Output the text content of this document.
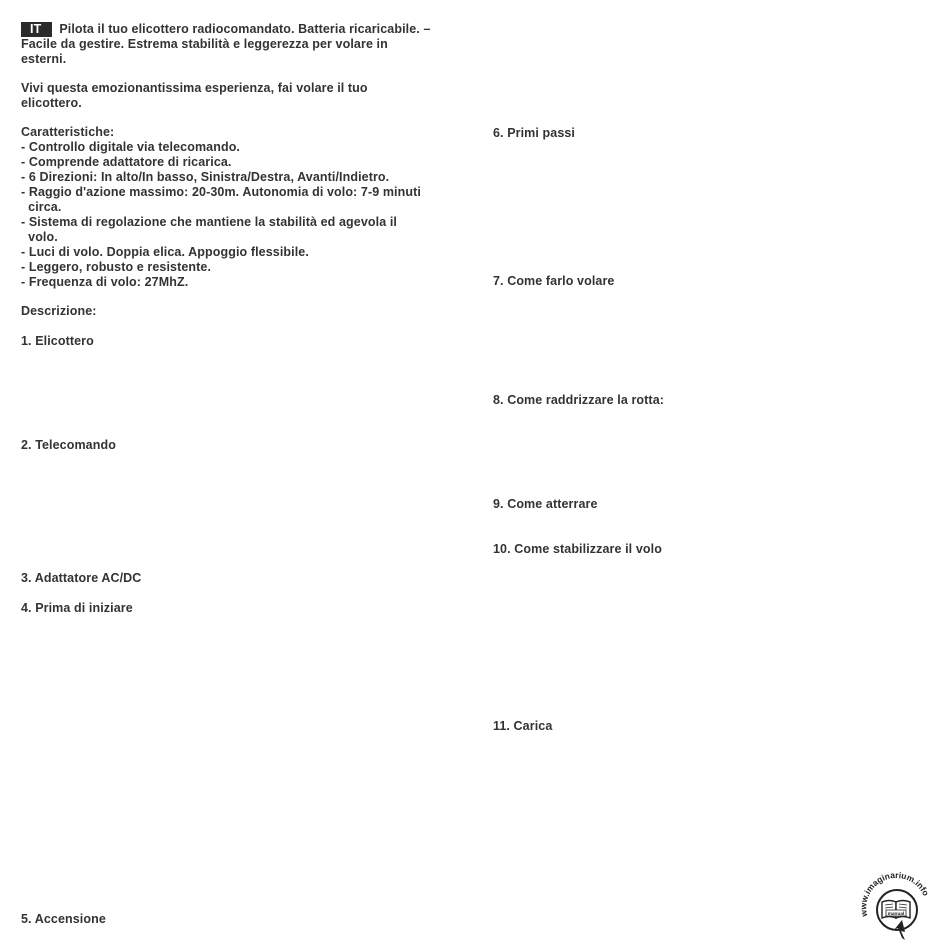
IT Pilota il tuo elicottero radiocomandato. Batteria ricaricabile. –
Facile da gestire. Estrema stabilità e leggerezza per volare in
esterni.
Vivi questa emozionantissima esperienza, fai volare il tuo
elicottero.
Caratteristiche:
- Controllo digitale via telecomando.
- Comprende adattatore di ricarica.
- 6 Direzioni: In alto/In basso, Sinistra/Destra, Avanti/Indietro.
- Raggio d'azione massimo: 20-30m. Autonomia di volo: 7-9 minuti
circa.
- Sistema di regolazione che mantiene la stabilità ed agevola il
volo.
- Luci di volo. Doppia elica. Appoggio flessibile.
- Leggero, robusto e resistente.
- Frequenza di volo: 27MhZ.
Descrizione:
1. Elicottero
2. Telecomando
3. Adattatore AC/DC
4. Prima di iniziare
5. Accensione
6. Primi passi
7. Come farlo volare
8. Come raddrizzare la rotta:
9. Come atterrare
10. Come stabilizzare il volo
11. Carica
www.imaginarium.info
manual
